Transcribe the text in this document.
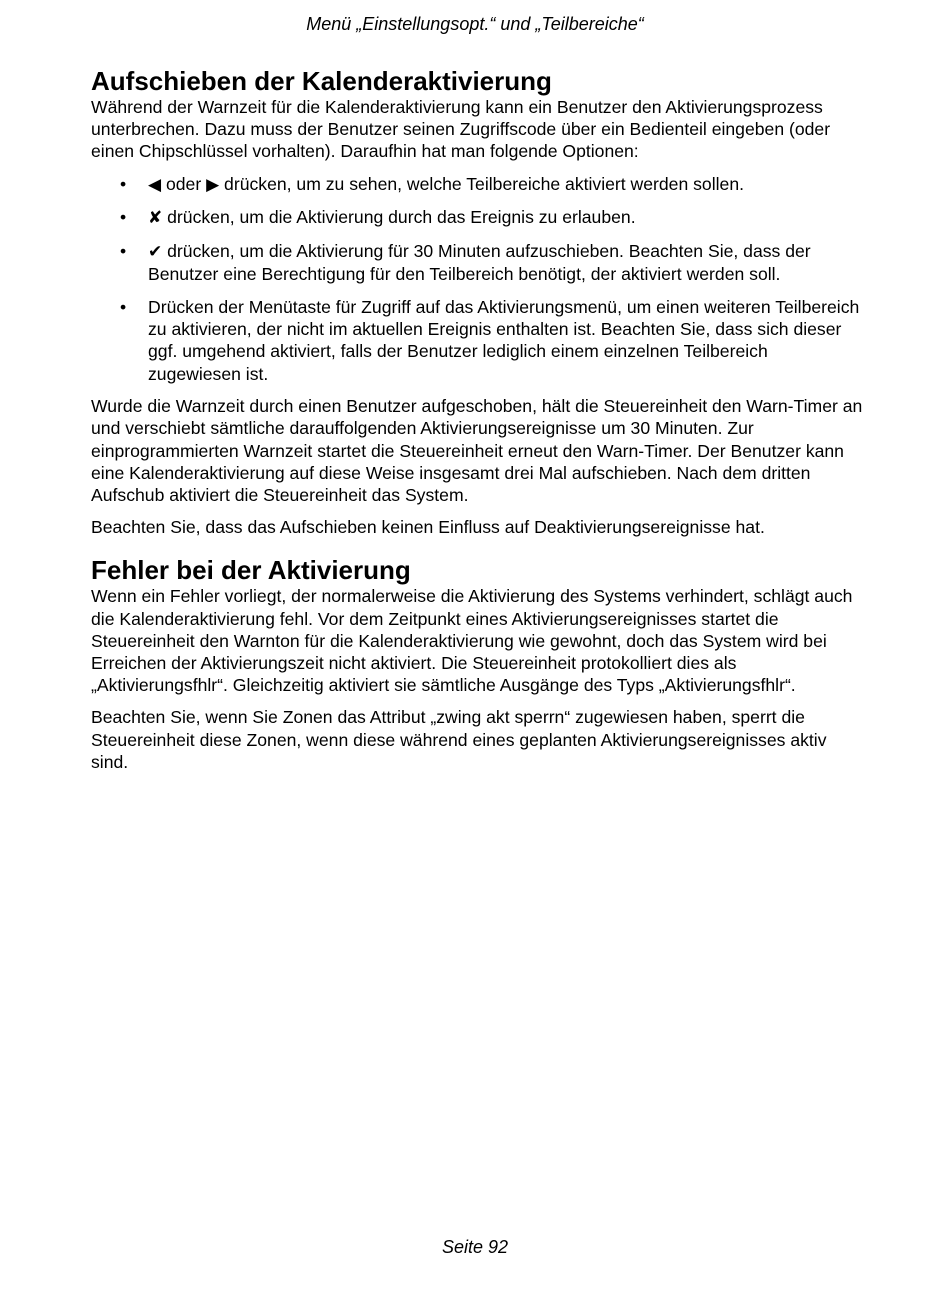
Menü „Einstellungsopt.“ und „Teilbereiche“
Aufschieben der Kalenderaktivierung

Während der Warnzeit für die Kalenderaktivierung kann ein Benutzer den Aktivierungsprozess unterbrechen. Dazu muss der Benutzer seinen Zugriffscode über ein Bedienteil eingeben (oder einen Chipschlüssel vorhalten). Daraufhin hat man folgende Optionen:

• ◀ oder ▶ drücken, um zu sehen, welche Teilbereiche aktiviert werden sollen.
• ✘ drücken, um die Aktivierung durch das Ereignis zu erlauben.
• ✔ drücken, um die Aktivierung für 30 Minuten aufzuschieben. Beachten Sie, dass der Benutzer eine Berechtigung für den Teilbereich benötigt, der aktiviert werden soll.
• Drücken der Menütaste für Zugriff auf das Aktivierungsmenü, um einen weiteren Teilbereich zu aktivieren, der nicht im aktuellen Ereignis enthalten ist. Beachten Sie, dass sich dieser ggf. umgehend aktiviert, falls der Benutzer lediglich einem einzelnen Teilbereich zugewiesen ist.

Wurde die Warnzeit durch einen Benutzer aufgeschoben, hält die Steuereinheit den Warn-Timer an und verschiebt sämtliche darauffolgenden Aktivierungsereignisse um 30 Minuten. Zur einprogrammierten Warnzeit startet die Steuereinheit erneut den Warn-Timer. Der Benutzer kann eine Kalenderaktivierung auf diese Weise insgesamt drei Mal aufschieben. Nach dem dritten Aufschub aktiviert die Steuereinheit das System.

Beachten Sie, dass das Aufschieben keinen Einfluss auf Deaktivierungsereignisse hat.

Fehler bei der Aktivierung

Wenn ein Fehler vorliegt, der normalerweise die Aktivierung des Systems verhindert, schlägt auch die Kalenderaktivierung fehl. Vor dem Zeitpunkt eines Aktivierungsereignisses startet die Steuereinheit den Warnton für die Kalenderaktivierung wie gewohnt, doch das System wird bei Erreichen der Aktivierungszeit nicht aktiviert. Die Steuereinheit protokolliert dies als „Aktivierungsfhlr“. Gleichzeitig aktiviert sie sämtliche Ausgänge des Typs „Aktivierungsfhlr“.

Beachten Sie, wenn Sie Zonen das Attribut „zwing akt sperrn“ zugewiesen haben, sperrt die Steuereinheit diese Zonen, wenn diese während eines geplanten Aktivierungsereignisses aktiv sind.

Seite 92
